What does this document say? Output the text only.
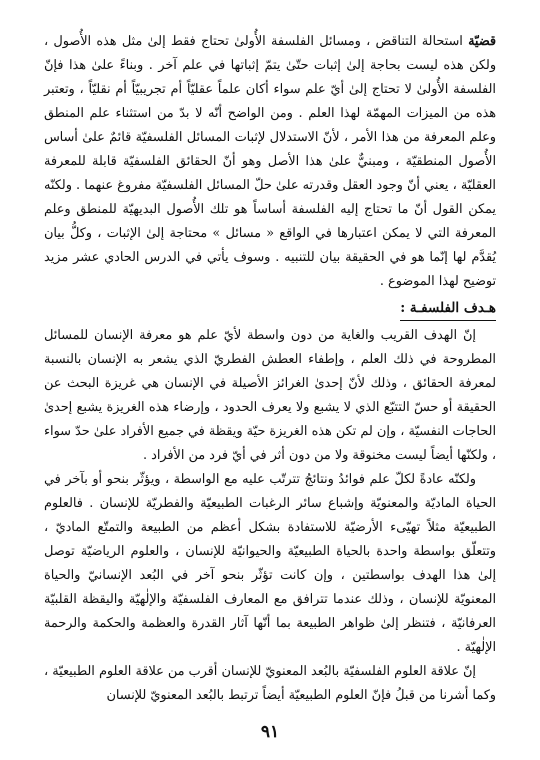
قضيّة استحالة التناقض ، ومسائل الفلسفة الأُولىٰ تحتاج فقط إلىٰ مثل هذه الأُصول ، ولكن هذه ليست بحاجة إلىٰ إثبات حتّىٰ يتمّ إثباتها في علم آخر . وبناءً علىٰ هذا فإنّ الفلسفة الأُولىٰ لا تحتاج إلىٰ أيّ علم سواء أكان علماً عقليّاً أم تجريبيّاً أم نقليّاً ، وتعتبر هذه من الميزات المهمّة لهذا العلم . ومن الواضح أنّه لا بدّ من استثناء علم المنطق وعلم المعرفة من هذا الأمر ، لأنّ الاستدلال لإثبات المسائل الفلسفيّة قائمٌ علىٰ أساس الأُصول المنطقيّة ، ومبنيٌّ علىٰ هذا الأصل وهو أنّ الحقائق الفلسفيّة قابلة للمعرفة العقليّة ، يعني أنّ وجود العقل وقدرته علىٰ حلّ المسائل الفلسفيّة مفروغ عنهما . ولكنّه يمكن القول أنّ ما تحتاج إليه الفلسفة أساساً هو تلك الأُصول البديهيّة للمنطق وعلم المعرفة التي لا يمكن اعتبارها في الواقع « مسائل » محتاجة إلىٰ الإثبات ، وكلُّ بيان يُقدَّم لها إنّما هو في الحقيقة بيان للتنبيه . وسوف يأتي في الدرس الحادي عشر مزيد توضيح لهذا الموضوع .

هـدف الفلسفـة :

إنّ الهدف القريب والغاية من دون واسطة لأيّ علم هو معرفة الإنسان للمسائل المطروحة في ذلك العلم ، وإطفاء العطش الفطريّ الذي يشعر به الإنسان بالنسبة لمعرفة الحقائق ، وذلك لأنّ إحدىٰ الغرائز الأصيلة في الإنسان هي غريزة البحث عن الحقيقة أو حسّ التتبّع الذي لا يشبع ولا يعرف الحدود ، وإرضاء هذه الغريزة يشبع إحدىٰ الحاجات النفسيّة ، وإن لم تكن هذه الغريزة حيّة ويقظة في جميع الأفراد علىٰ حدّ سواء ، ولكنّها أيضاً ليست مخنوقة ولا من دون أثر في أيّ فرد من الأفراد .

ولكنّه عادةً لكلّ علم فوائدُ ونتائجُ تترتّب عليه مع الواسطة ، ويؤثّر بنحو أو بآخر في الحياة الماديّة والمعنويّة وإشباع سائر الرغبات الطبيعيّة والفطريّة للإنسان . فالعلوم الطبيعيّة مثلاً تهيّىء الأرضيّة للاستفادة بشكل أعظم من الطبيعة والتمتّع الماديّ ، وتتعلّق بواسطة واحدة بالحياة الطبيعيّة والحيوانيّة للإنسان ، والعلوم الرياضيّة توصل إلىٰ هذا الهدف بواسطتين ، وإن كانت تؤثّر بنحو آخر في البُعد الإنسانيّ والحياة المعنويّة للإنسان ، وذلك عندما تترافق مع المعارف الفلسفيّة والإلٰهيّة واليقظة القلبيّة العرفانيّة ، فتنظر إلىٰ ظواهر الطبيعة بما أنّها آثار القدرة والعظمة والحكمة والرحمة الإلٰهيّة .

إنّ علاقة العلوم الفلسفيّة بالبُعد المعنويّ للإنسان أقرب من علاقة العلوم الطبيعيّة ، وكما أشرنا من قبلُ فإنّ العلوم الطبيعيّة أيضاً ترتبط بالبُعد المعنويّ للإنسان

٩١
